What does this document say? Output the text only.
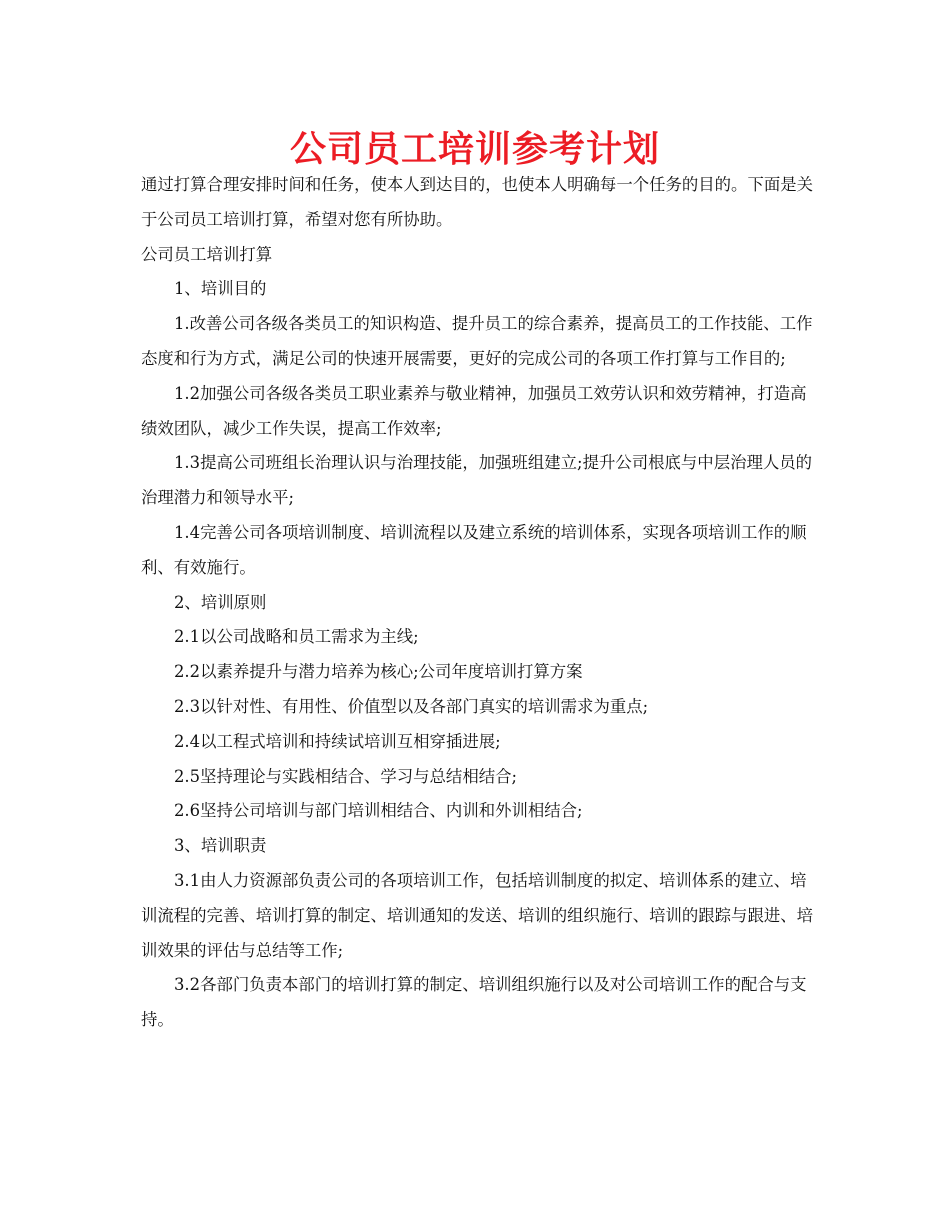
公司员工培训参考计划

通过打算合理安排时间和任务，使本人到达目的，也使本人明确每一个任务的目的。下面是关于公司员工培训打算，希望对您有所协助。

公司员工培训打算

1、培训目的

1.改善公司各级各类员工的知识构造、提升员工的综合素养，提高员工的工作技能、工作态度和行为方式，满足公司的快速开展需要，更好的完成公司的各项工作打算与工作目的;

1.2加强公司各级各类员工职业素养与敬业精神，加强员工效劳认识和效劳精神，打造高绩效团队，减少工作失误，提高工作效率;

1.3提高公司班组长治理认识与治理技能，加强班组建立;提升公司根底与中层治理人员的治理潜力和领导水平;

1.4完善公司各项培训制度、培训流程以及建立系统的培训体系，实现各项培训工作的顺利、有效施行。

2、培训原则

2.1以公司战略和员工需求为主线;

2.2以素养提升与潜力培养为核心;公司年度培训打算方案

2.3以针对性、有用性、价值型以及各部门真实的培训需求为重点;

2.4以工程式培训和持续试培训互相穿插进展;

2.5坚持理论与实践相结合、学习与总结相结合;

2.6坚持公司培训与部门培训相结合、内训和外训相结合;

3、培训职责

3.1由人力资源部负责公司的各项培训工作，包括培训制度的拟定、培训体系的建立、培训流程的完善、培训打算的制定、培训通知的发送、培训的组织施行、培训的跟踪与跟进、培训效果的评估与总结等工作;

3.2各部门负责本部门的培训打算的制定、培训组织施行以及对公司培训工作的配合与支持。
